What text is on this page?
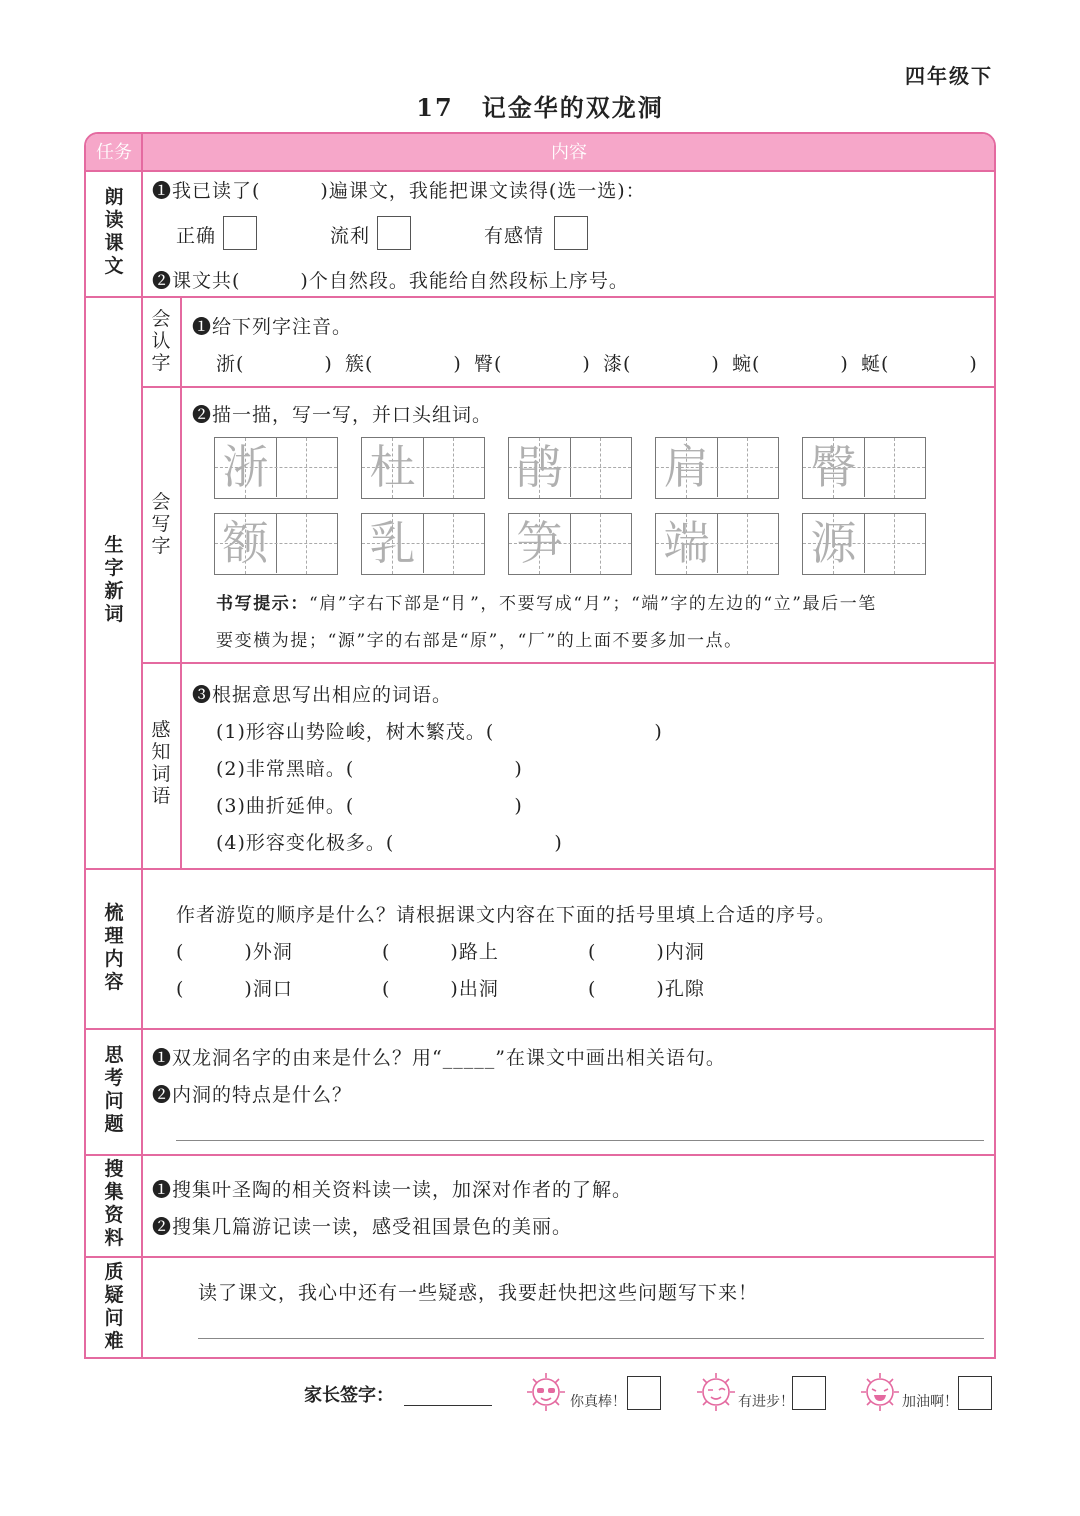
四年级下
17 记金华的双龙洞
任务	内容
朗读课文
❶我已读了(　　　)遍课文，我能把课文读得(选一选)：
正确	流利	有感情
❷课文共(　　　)个自然段。我能给自然段标上序号。
生字新词
会认字
❶给下列字注音。
浙(　　　　) 簇(　　　　) 臀(　　　　) 漆(　　　　) 蜿(　　　　) 蜒(　　　　)
会写字
❷描一描，写一写，并口头组词。
浙 杜 鹃 肩 臀
额 乳 笋 端 源
书写提示：“肩”字右下部是“⺝”，不要写成“月”；“端”字的左边的“立”最后一笔
要变横为提；“源”字的右部是“原”，“厂”的上面不要多加一点。
感知词语
❸根据意思写出相应的词语。
(1)形容山势险峻，树木繁茂。(　　　　　　　　)
(2)非常黑暗。(　　　　　　　　)
(3)曲折延伸。(　　　　　　　　)
(4)形容变化极多。(　　　　　　　　)
梳理内容
作者游览的顺序是什么？请根据课文内容在下面的括号里填上合适的序号。
(　　　)外洞	(　　　)路上	(　　　)内洞
(　　　)洞口	(　　　)出洞	(　　　)孔隙
思考问题
❶双龙洞名字的由来是什么？用“_____”在课文中画出相关语句。
❷内洞的特点是什么？
搜集资料
❶搜集叶圣陶的相关资料读一读，加深对作者的了解。
❷搜集几篇游记读一读，感受祖国景色的美丽。
质疑问难
读了课文，我心中还有一些疑惑，我要赶快把这些问题写下来！
家长签字：	你真棒！	有进步！	加油啊！
